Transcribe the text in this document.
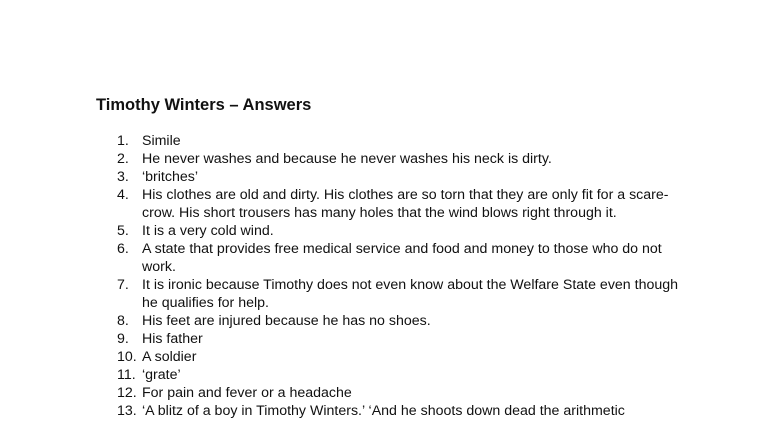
Timothy Winters – Answers
1. Simile
2. He never washes and because he never washes his neck is dirty.
3. ‘britches’
4. His clothes are old and dirty. His clothes are so torn that they are only fit for a scare-crow. His short trousers has many holes that the wind blows right through it.
5. It is a very cold wind.
6. A state that provides free medical service and food and money to those who do not work.
7. It is ironic because Timothy does not even know about the Welfare State even though he qualifies for help.
8. His feet are injured because he has no shoes.
9. His father
10. A soldier
11. ‘grate’
12. For pain and fever or a headache
13. ‘A blitz of a boy in Timothy Winters.’ ‘And he shoots down dead the arithmetic
